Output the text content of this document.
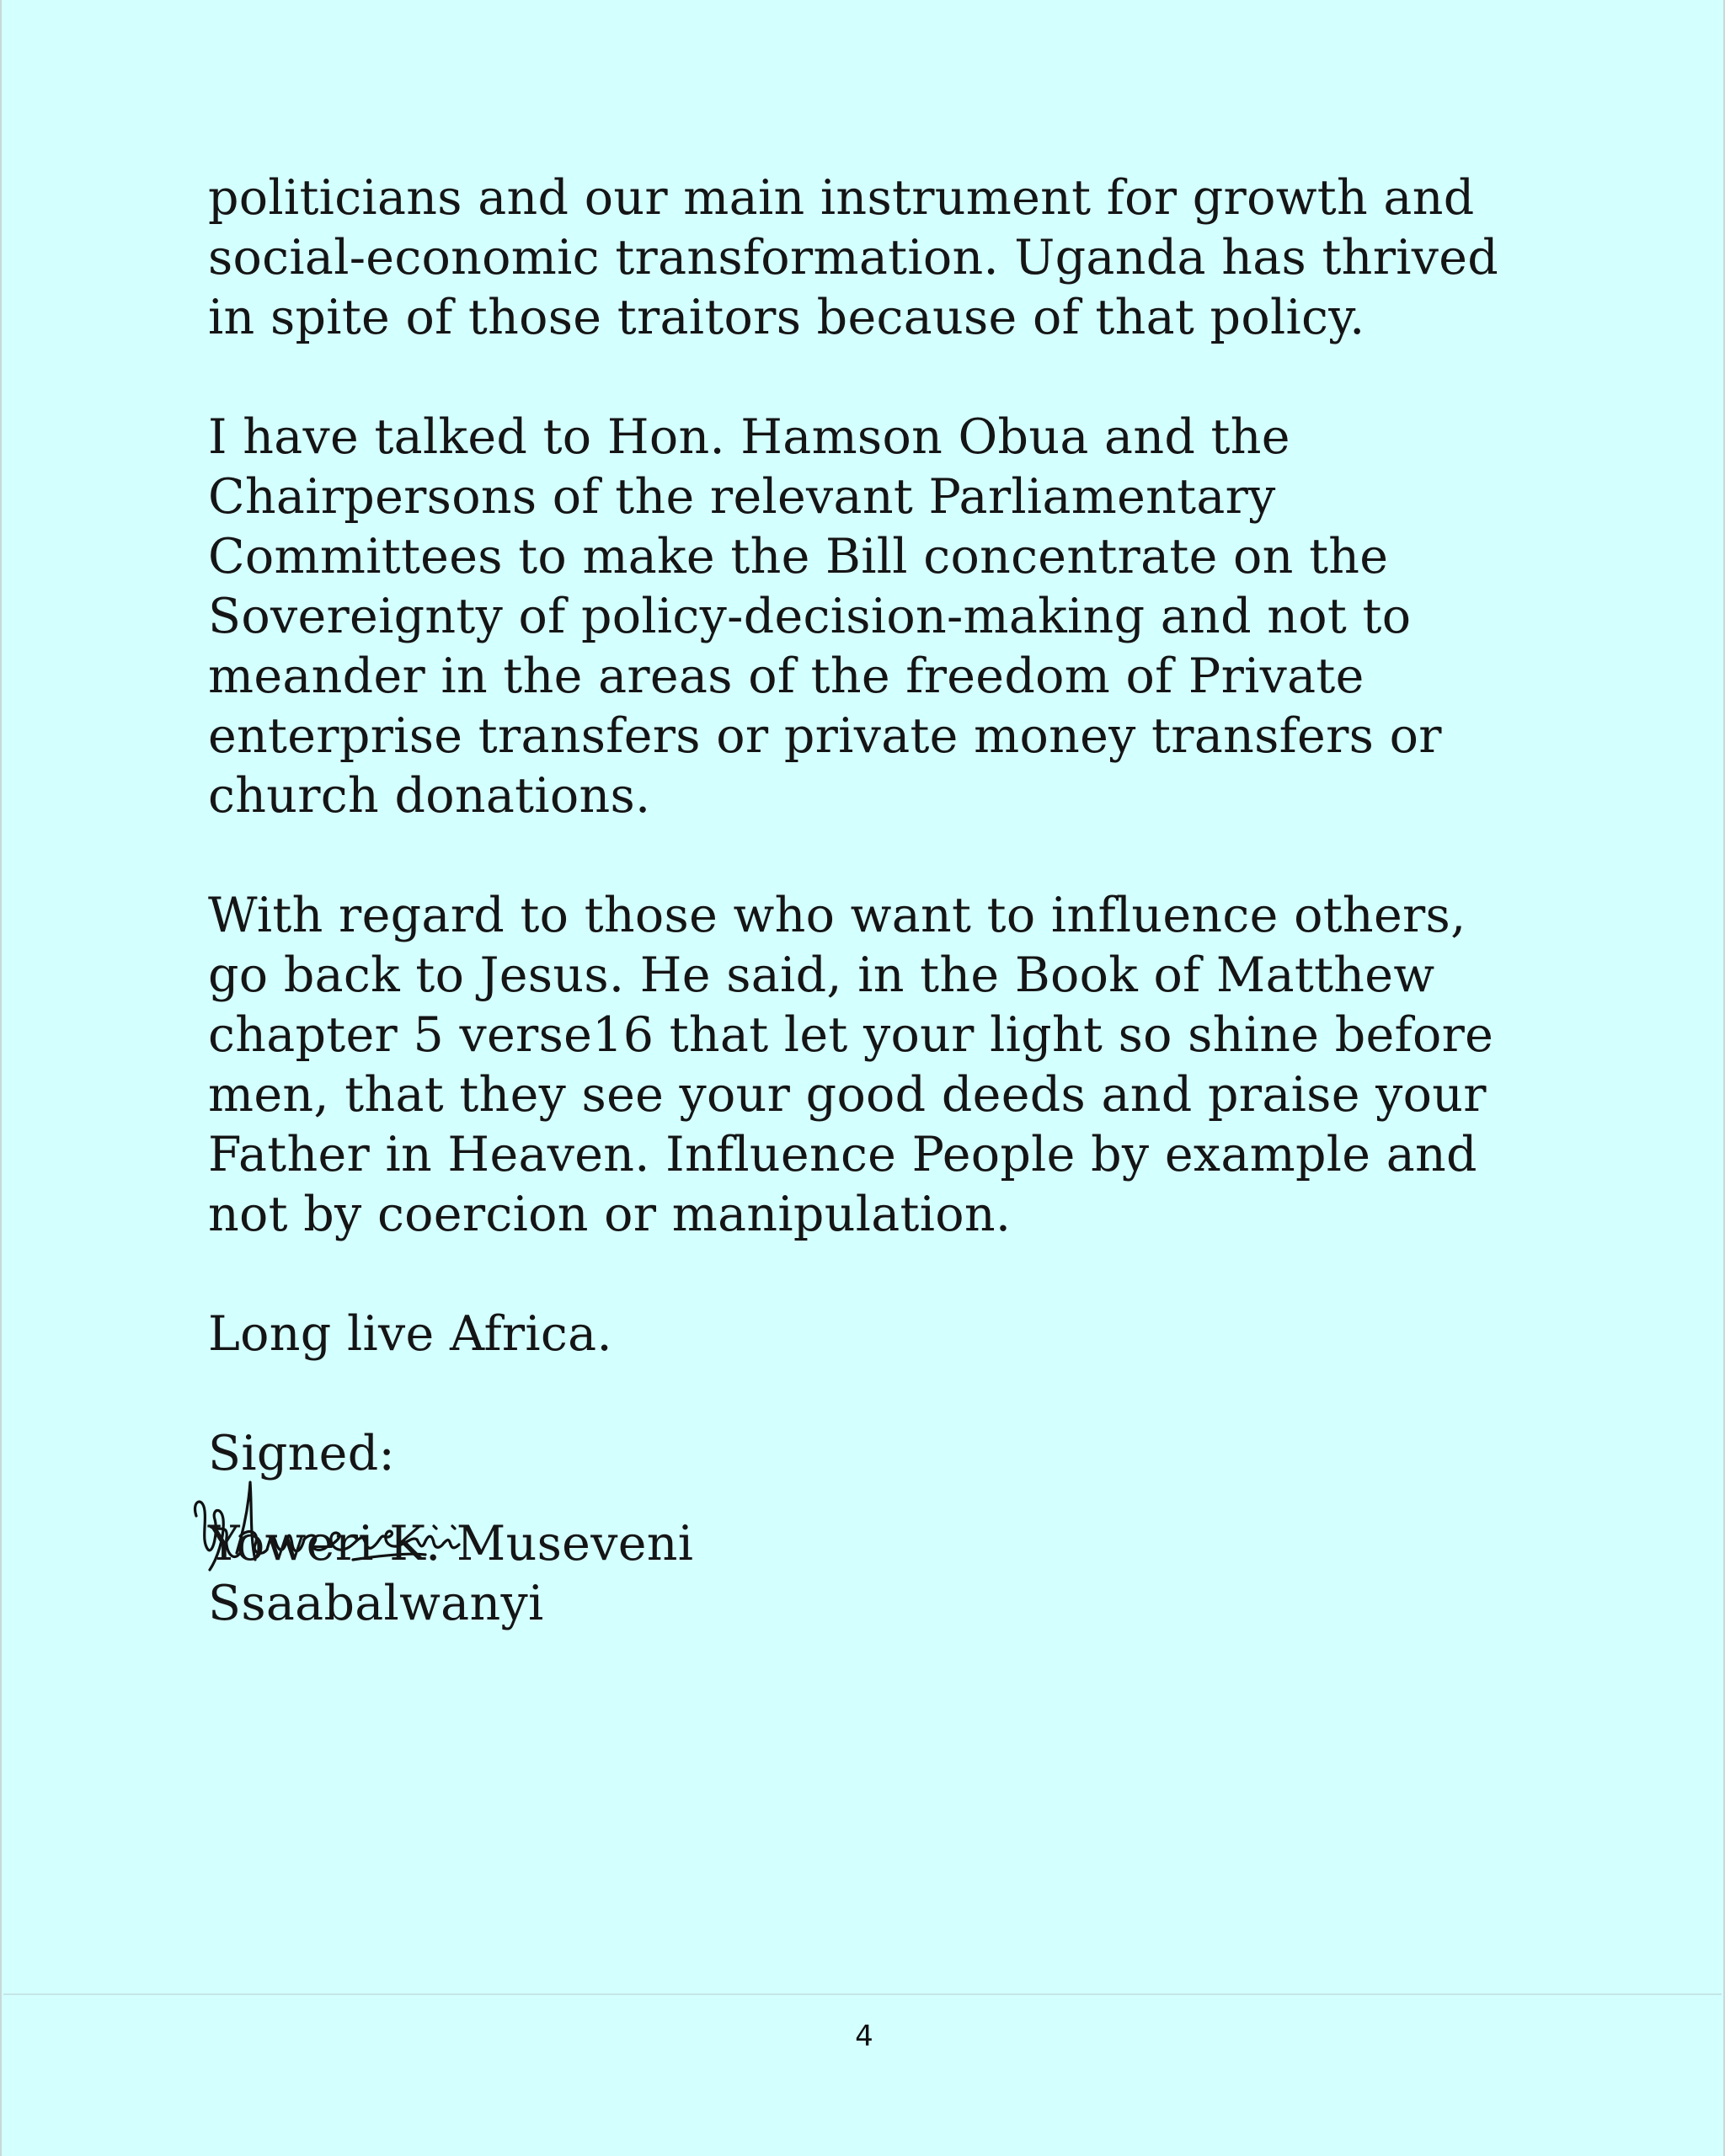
politicians and our main instrument for growth and
social-economic transformation. Uganda has thrived
in spite of those traitors because of that policy.
I have talked to Hon. Hamson Obua and the
Chairpersons of the relevant Parliamentary
Committees to make the Bill concentrate on the
Sovereignty of policy-decision-making and not to
meander in the areas of the freedom of Private
enterprise transfers or private money transfers or
church donations.
With regard to those who want to influence others,
go back to Jesus. He said, in the Book of Matthew
chapter 5 verse16 that let your light so shine before
men, that they see your good deeds and praise your
Father in Heaven. Influence People by example and
not by coercion or manipulation.
Long live Africa.
Signed:
Yoweri K. Museveni
Ssaabalwanyi
4
